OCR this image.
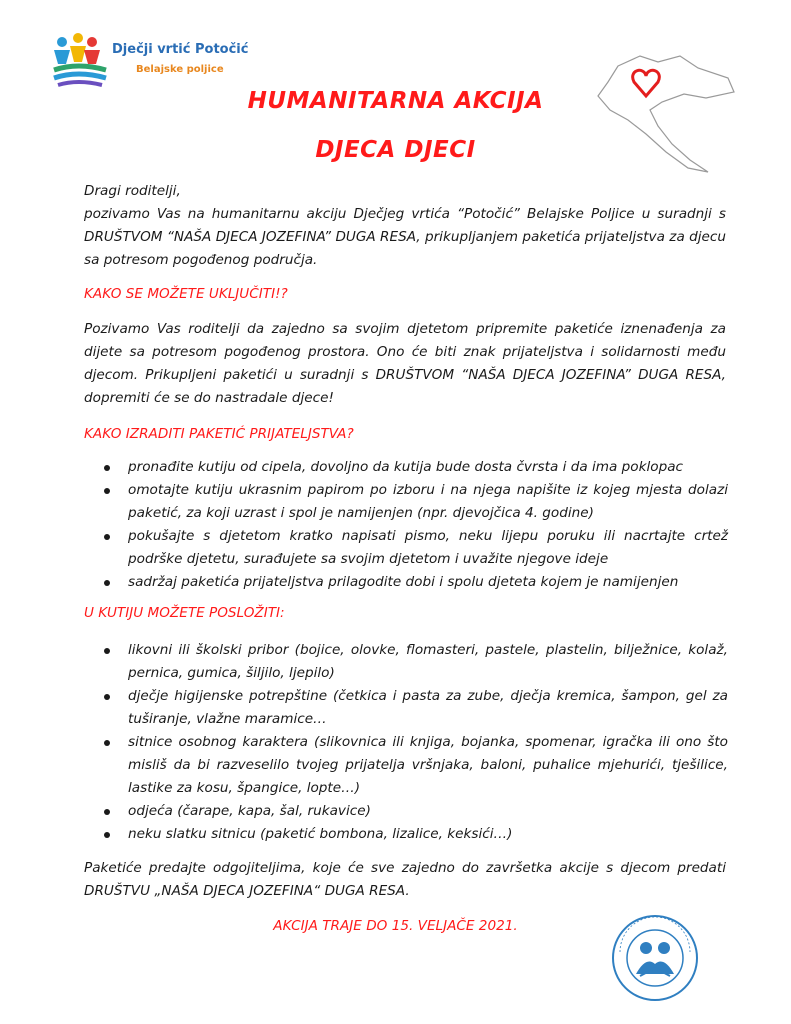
Dječji vrtić Potočić
Belajske poljice
HUMANITARNA AKCIJA
DJECA DJECI
Dragi roditelji,
pozivamo Vas na humanitarnu akciju Dječjeg vrtića “Potočić” Belajske Poljice u suradnji s DRUŠTVOM “NAŠA DJECA JOZEFINA” DUGA RESA, prikupljanjem paketića prijateljstva za djecu sa potresom pogođenog područja.
KAKO SE MOŽETE UKLJUČITI!?
Pozivamo Vas roditelji da zajedno sa svojim djetetom pripremite paketiće iznenađenja za dijete sa potresom pogođenog prostora. Ono će biti znak prijateljstva i solidarnosti među djecom. Prikupljeni paketići u suradnji s DRUŠTVOM “NAŠA DJECA JOZEFINA” DUGA RESA, dopremiti će se do nastradale djece!
KAKO IZRADITI PAKETIĆ PRIJATELJSTVA?
pronađite kutiju od cipela, dovoljno da kutija bude dosta čvrsta i da ima poklopac
omotajte kutiju ukrasnim papirom po izboru i na njega napišite iz kojeg mjesta dolazi paketić, za koji uzrast i spol je namijenjen (npr. djevojčica 4. godine)
pokušajte s djetetom kratko napisati pismo, neku lijepu poruku ili nacrtajte crtež podrške djetetu, surađujete sa svojim djetetom i uvažite njegove ideje
sadržaj paketića prijateljstva prilagodite dobi i spolu djeteta kojem je namijenjen
U KUTIJU MOŽETE POSLOŽITI:
likovni ili školski pribor (bojice, olovke, flomasteri, pastele, plastelin, bilježnice, kolaž, pernica, gumica, šiljilo, ljepilo)
dječje higijenske potrepštine (četkica i pasta za zube, dječja kremica, šampon, gel za tuširanje, vlažne maramice…
sitnice osobnog karaktera (slikovnica ili knjiga, bojanka, spomenar, igračka ili ono što misliš da bi razveselilo tvojeg prijatelja vršnjaka, baloni, puhalice mjehurići, tješilice, lastike za kosu, špangice, lopte…)
odjeća (čarape, kapa, šal, rukavice)
neku slatku sitnicu (paketić bombona, lizalice, keksići…)
Paketiće predajte odgojiteljima, koje će sve zajedno do završetka akcije s djecom predati DRUŠTVU „NAŠA DJECA JOZEFINA“ DUGA RESA.
AKCIJA TRAJE DO 15. VELJAČE 2021.
